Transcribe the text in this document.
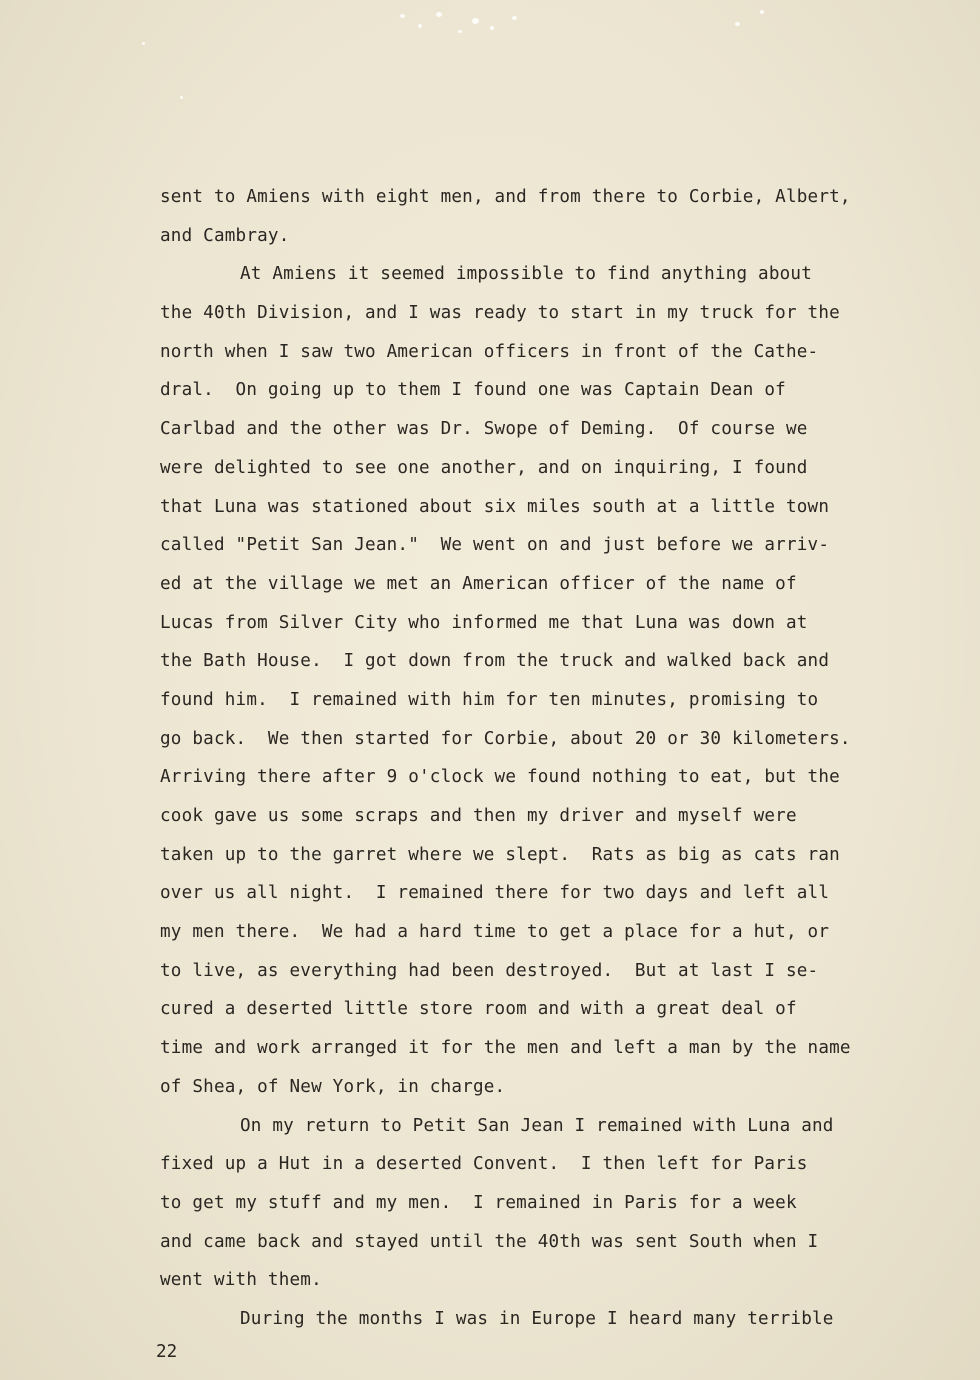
sent to Amiens with eight men, and from there to Corbie, Albert,
and Cambray.
At Amiens it seemed impossible to find anything about
the 40th Division, and I was ready to start in my truck for the
north when I saw two American officers in front of the Cathe-
dral.  On going up to them I found one was Captain Dean of
Carlbad and the other was Dr. Swope of Deming.  Of course we
were delighted to see one another, and on inquiring, I found
that Luna was stationed about six miles south at a little town
called "Petit San Jean."  We went on and just before we arriv-
ed at the village we met an American officer of the name of
Lucas from Silver City who informed me that Luna was down at
the Bath House.  I got down from the truck and walked back and
found him.  I remained with him for ten minutes, promising to
go back.  We then started for Corbie, about 20 or 30 kilometers.
Arriving there after 9 o'clock we found nothing to eat, but the
cook gave us some scraps and then my driver and myself were
taken up to the garret where we slept.  Rats as big as cats ran
over us all night.  I remained there for two days and left all
my men there.  We had a hard time to get a place for a hut, or
to live, as everything had been destroyed.  But at last I se-
cured a deserted little store room and with a great deal of
time and work arranged it for the men and left a man by the name
of Shea, of New York, in charge.
On my return to Petit San Jean I remained with Luna and
fixed up a Hut in a deserted Convent.  I then left for Paris
to get my stuff and my men.  I remained in Paris for a week
and came back and stayed until the 40th was sent South when I
went with them.
During the months I was in Europe I heard many terrible
22
